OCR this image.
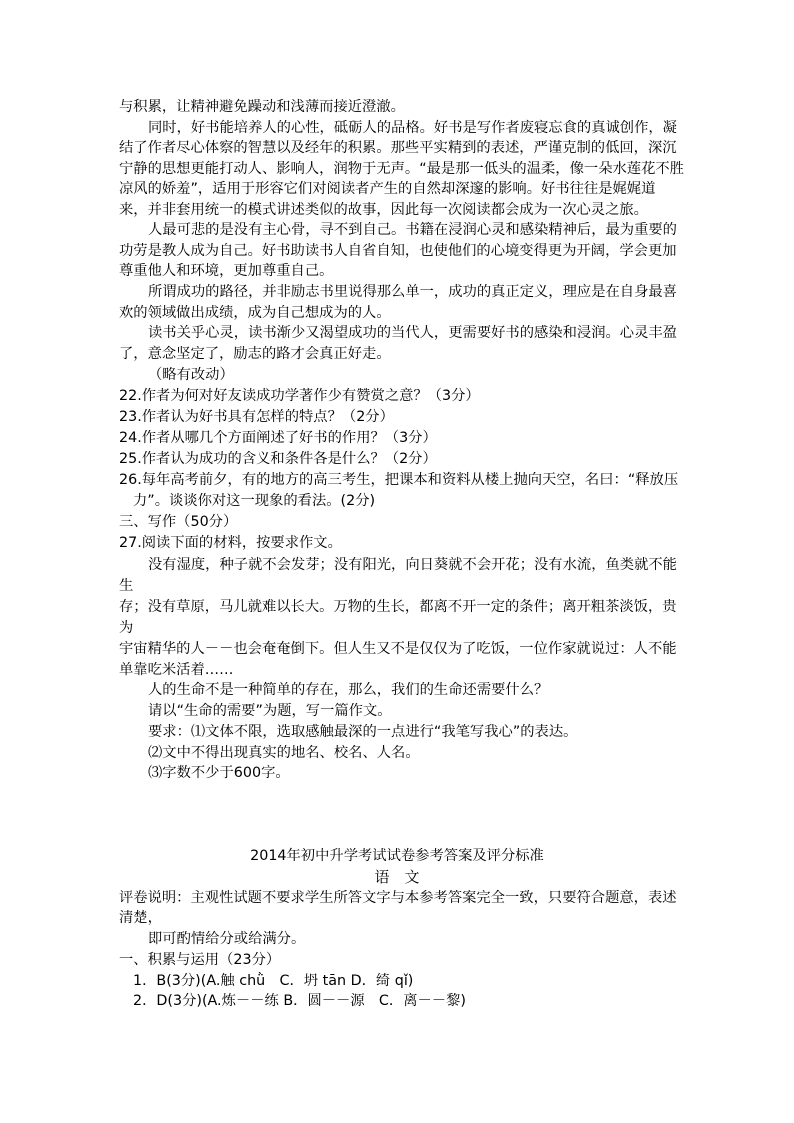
与积累，让精神避免躁动和浅薄而接近澄澈。
同时，好书能培养人的心性，砥砺人的品格。好书是写作者废寝忘食的真诚创作，凝
结了作者尽心体察的智慧以及经年的积累。那些平实精到的表述，严谨克制的低回，深沉
宁静的思想更能打动人、影响人，润物于无声。“最是那一低头的温柔，像一朵水莲花不胜
凉风的娇羞”，适用于形容它们对阅读者产生的自然却深邃的影响。好书往往是娓娓道
来，并非套用统一的模式讲述类似的故事，因此每一次阅读都会成为一次心灵之旅。
人最可悲的是没有主心骨，寻不到自己。书籍在浸润心灵和感染精神后，最为重要的
功劳是教人成为自己。好书助读书人自省自知，也使他们的心境变得更为开阔，学会更加
尊重他人和环境，更加尊重自己。
所谓成功的路径，并非励志书里说得那么单一，成功的真正定义，理应是在自身最喜
欢的领域做出成绩，成为自己想成为的人。
读书关乎心灵，读书渐少又渴望成功的当代人，更需要好书的感染和浸润。心灵丰盈
了，意念坚定了，励志的路才会真正好走。
（略有改动）
22.作者为何对好友读成功学著作少有赞赏之意？（3分）
23.作者认为好书具有怎样的特点？（2分）
24.作者从哪几个方面阐述了好书的作用？（3分）
25.作者认为成功的含义和条件各是什么？（2分）
26.每年高考前夕，有的地方的高三考生，把课本和资料从楼上抛向天空，名曰：“释放压
力”。谈谈你对这一现象的看法。(2分)
三、写作（50分）
27.阅读下面的材料，按要求作文。
没有湿度，种子就不会发芽；没有阳光，向日葵就不会开花；没有水流，鱼类就不能
生
存；没有草原，马儿就难以长大。万物的生长，都离不开一定的条件；离开粗茶淡饭，贵
为
宇宙精华的人－－也会奄奄倒下。但人生又不是仅仅为了吃饭，一位作家就说过：人不能
单靠吃米活着……
人的生命不是一种简单的存在，那么，我们的生命还需要什么？
请以“生命的需要”为题，写一篇作文。
要求：⑴文体不限，选取感触最深的一点进行“我笔写我心”的表达。
⑵文中不得出现真实的地名、校名、人名。
⑶字数不少于600字。
2014年初中升学考试试卷参考答案及评分标准
语　文
评卷说明：主观性试题不要求学生所答文字与本参考答案完全一致，只要符合题意，表述
清楚，
即可酌情给分或给满分。
一、积累与运用（23分）
1．B(3分)(A.触 chǜ　C．坍 tān D．绮 qǐ)
2．D(3分)(A.炼－－练 B．圆－－源　C．离－－黎)
